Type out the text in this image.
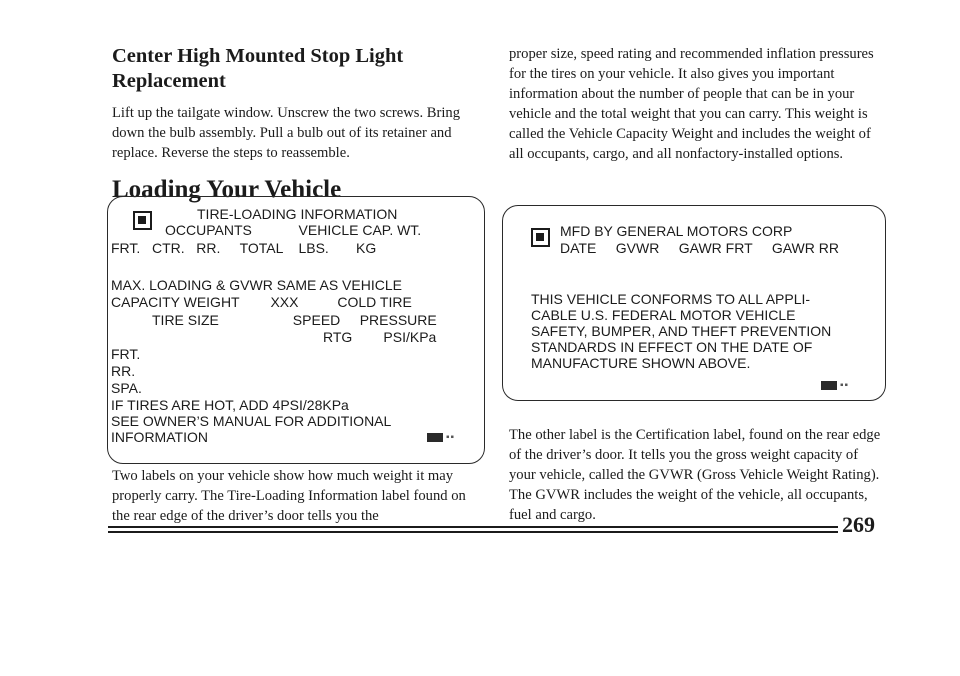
Center High Mounted Stop Light Replacement

Lift up the tailgate window. Unscrew the two screws. Bring down the bulb assembly. Pull a bulb out of its retainer and replace. Reverse the steps to reassemble.

Loading Your Vehicle
TIRE-LOADING INFORMATION
OCCUPANTS            VEHICLE CAP. WT.
FRT.   CTR.   RR.     TOTAL    LBS.       KG
MAX. LOADING & GVWR SAME AS VEHICLE
CAPACITY WEIGHT        XXX          COLD TIRE
TIRE SIZE                   SPEED     PRESSURE
RTG        PSI/KPa
FRT.
RR.
SPA.
IF TIRES ARE HOT, ADD 4PSI/28KPa
SEE OWNER’S MANUAL FOR ADDITIONAL
INFORMATION	▪▪

Two labels on your vehicle show how much weight it may properly carry. The Tire-Loading Information label found on the rear edge of the driver’s door tells you the

proper size, speed rating and recommended inflation pressures for the tires on your vehicle. It also gives you important information about the number of people that can be in your vehicle and the total weight that you can carry. This weight is called the Vehicle Capacity Weight and includes the weight of all occupants, cargo, and all nonfactory-installed options.

MFD BY GENERAL MOTORS CORP
DATE     GVWR     GAWR FRT     GAWR RR
THIS VEHICLE CONFORMS TO ALL APPLI-
CABLE U.S. FEDERAL MOTOR VEHICLE
SAFETY, BUMPER, AND THEFT PREVENTION
STANDARDS IN EFFECT ON THE DATE OF
MANUFACTURE SHOWN ABOVE.
▪▪

The other label is the Certification label, found on the rear edge of the driver’s door. It tells you the gross weight capacity of your vehicle, called the GVWR (Gross Vehicle Weight Rating). The GVWR includes the weight of the vehicle, all occupants, fuel and cargo.	269
